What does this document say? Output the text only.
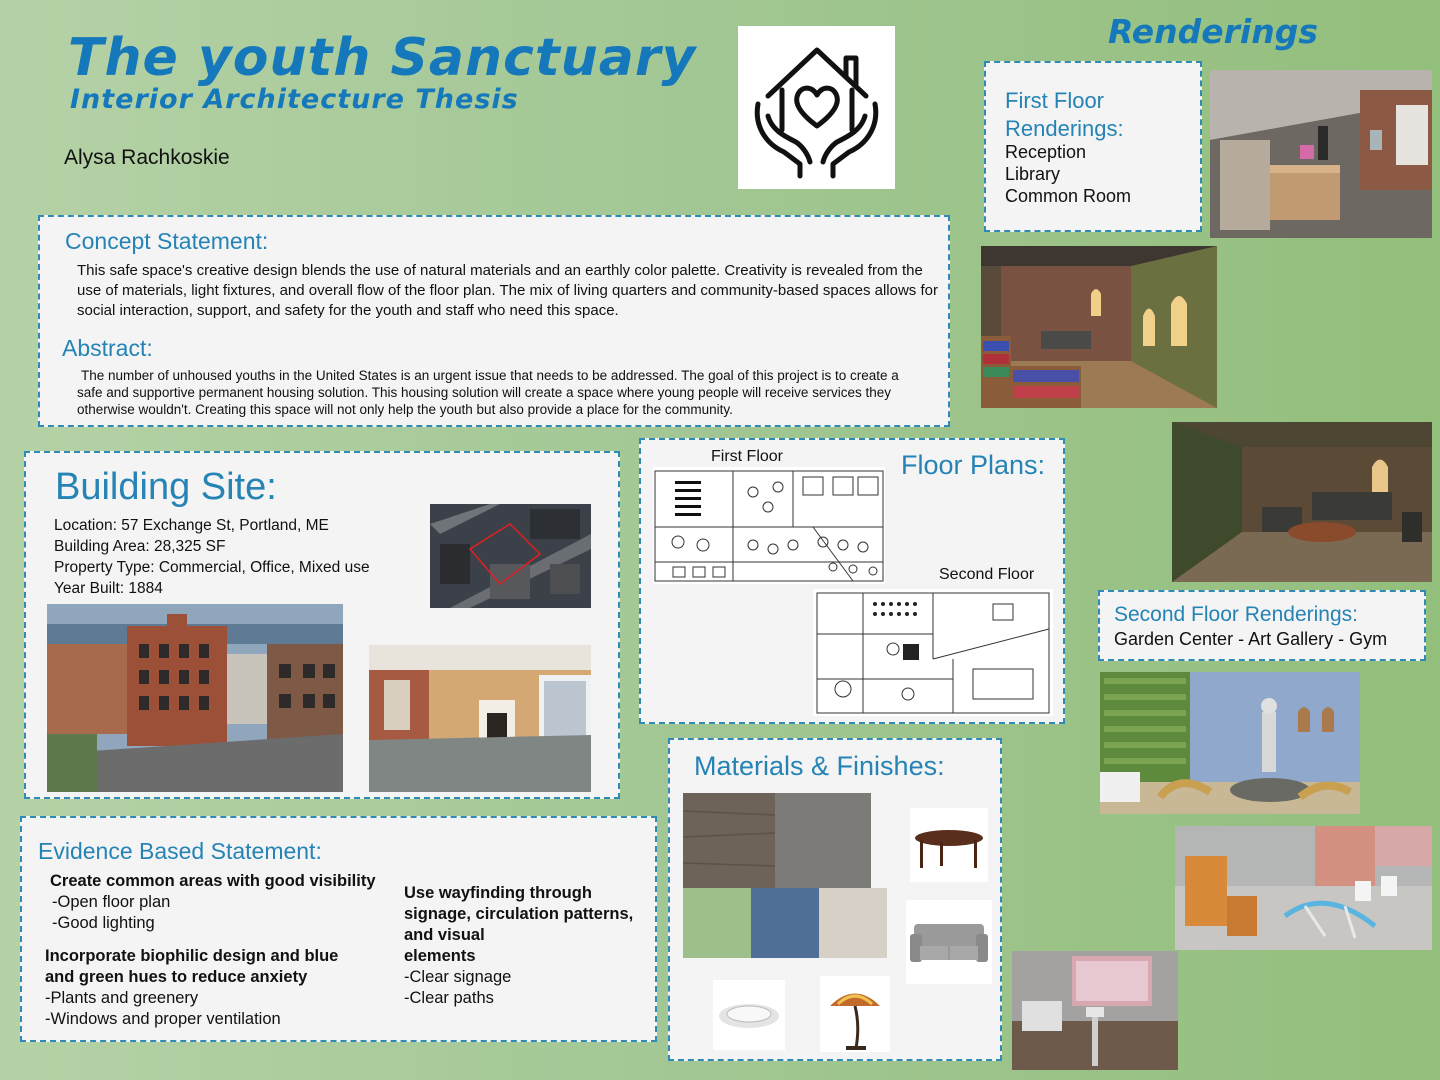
The youth Sanctuary
Interior Architecture Thesis
Alysa Rachkoskie
Renderings
First Floor
Renderings:
Reception
Library
Common Room
Second Floor Renderings:
Garden Center - Art Gallery - Gym
Concept Statement:
This safe space's creative design blends the use of natural materials and an earthly color palette. Creativity is revealed from the use of materials, light fixtures, and overall flow of the floor plan. The mix of living quarters and community-based spaces allows for social interaction, support, and safety for the youth and staff who need this space.
Abstract:
The number of unhoused youths in the United States is an urgent issue that needs to be addressed. The goal of this project is to create a safe and supportive permanent housing solution. This housing solution will create a space where young people will receive services they otherwise wouldn't. Creating this space will not only help the youth but also provide a place for the community.
Building Site:
Location: 57 Exchange St, Portland, ME
Building Area: 28,325 SF
Property Type: Commercial, Office, Mixed use
Year Built: 1884
First Floor	Floor Plans:
Second Floor
Materials & Finishes:
Evidence Based Statement:
Create common areas with good visibility
-Open floor plan
-Good lighting
Incorporate biophilic design and blue
and green hues to reduce anxiety
-Plants and greenery
-Windows and proper ventilation
Use wayfinding through
signage, circulation patterns,
and visual
elements
-Clear signage
-Clear paths
